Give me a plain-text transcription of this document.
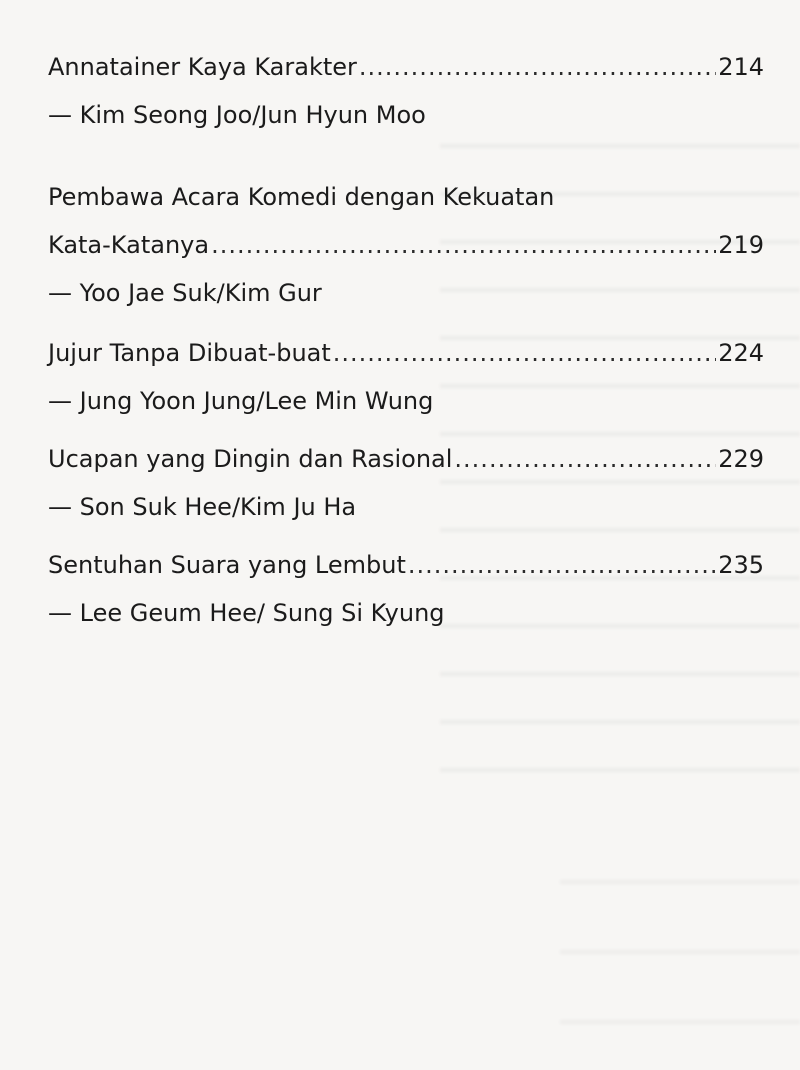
Annatainer Kaya Karakter .....	214
— Kim Seong Joo/Jun Hyun Moo
Pembawa Acara Komedi dengan Kekuatan
Kata-Katanya .....	219
— Yoo Jae Suk/Kim Gur
Jujur Tanpa Dibuat-buat .....	224
— Jung Yoon Jung/Lee Min Wung
Ucapan yang Dingin dan Rasional .....	229
— Son Suk Hee/Kim Ju Ha
Sentuhan Suara yang Lembut .....	235
— Lee Geum Hee/ Sung Si Kyung
